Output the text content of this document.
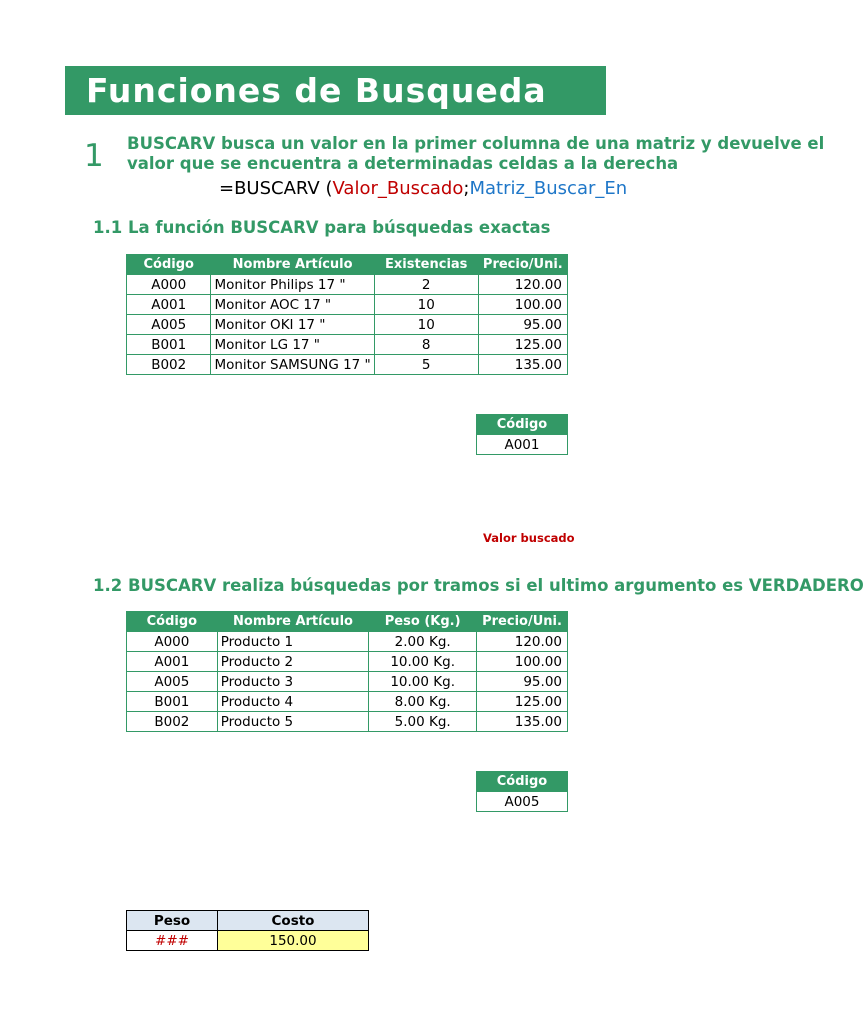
Funciones de Busqueda
1 BUSCARV busca un valor en la primer columna de una matriz y devuelve el valor que se encuentra a determinadas celdas a la derecha
=BUSCARV (Valor_Buscado;Matriz_Buscar_En
1.1 La función BUSCARV para búsquedas exactas
Código	Nombre Artículo	Existencias	Precio/Uni.
A000	Monitor Philips 17 "	2	120.00
A001	Monitor AOC 17 "	10	100.00
A005	Monitor OKI 17 "	10	95.00
B001	Monitor LG 17 "	8	125.00
B002	Monitor SAMSUNG 17 "	5	135.00
Código
A001
Valor buscado
1.2 BUSCARV realiza búsquedas por tramos si el ultimo argumento es VERDADERO
Código	Nombre Artículo	Peso (Kg.)	Precio/Uni.
A000	Producto 1	2.00 Kg.	120.00
A001	Producto 2	10.00 Kg.	100.00
A005	Producto 3	10.00 Kg.	95.00
B001	Producto 4	8.00 Kg.	125.00
B002	Producto 5	5.00 Kg.	135.00
Código
A005
Peso	Costo
###	150.00
